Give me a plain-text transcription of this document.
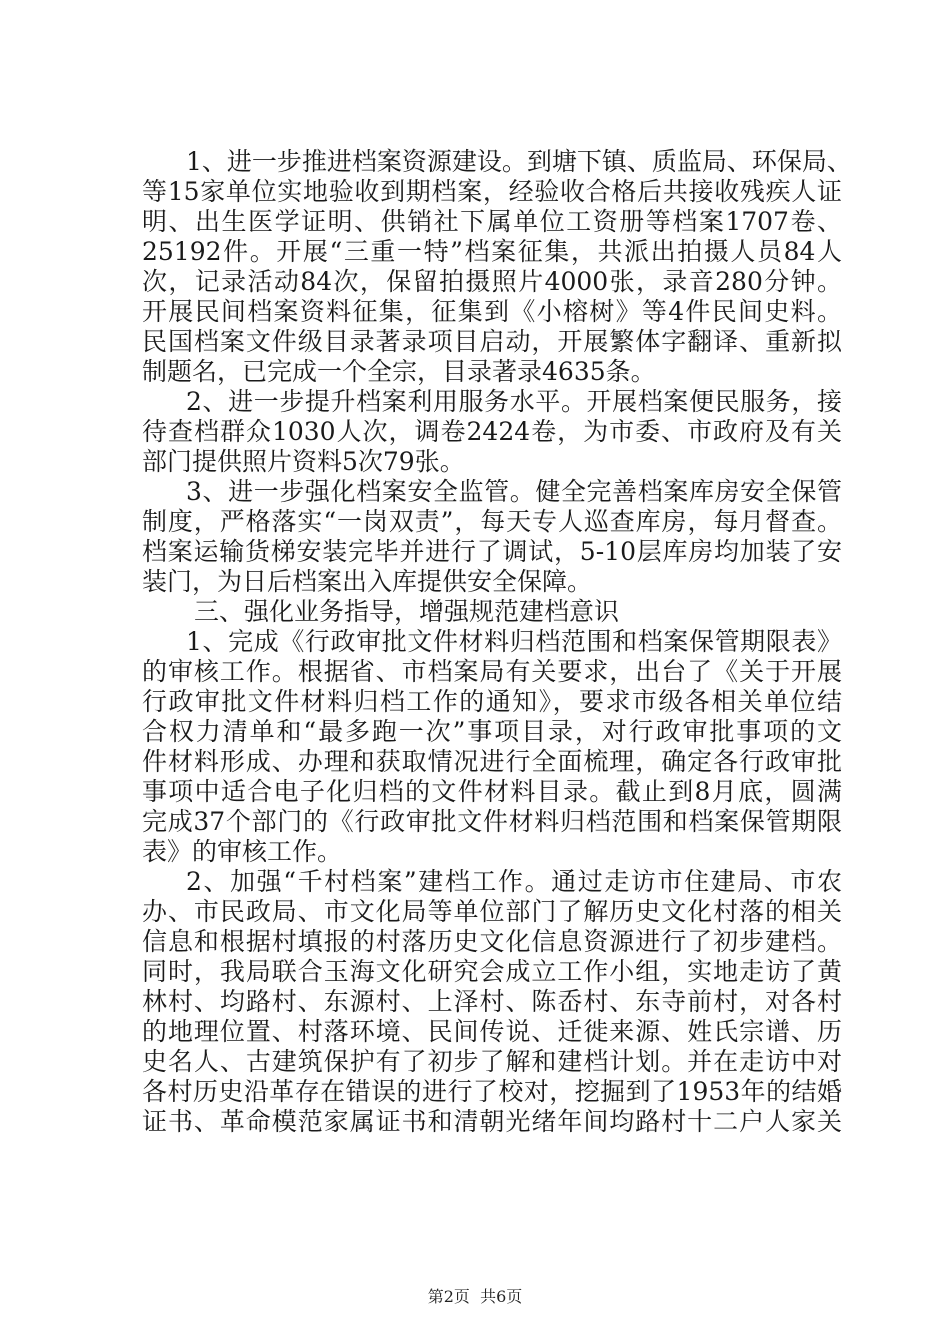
1、进一步推进档案资源建设。到塘下镇、质监局、环保局、
等15家单位实地验收到期档案，经验收合格后共接收残疾人证
明、出生医学证明、供销社下属单位工资册等档案1707卷、
25192件。开展“三重一特”档案征集，共派出拍摄人员84人
次，记录活动84次，保留拍摄照片4000张，录音280分钟。
开展民间档案资料征集，征集到《小榕树》等4件民间史料。
民国档案文件级目录著录项目启动，开展繁体字翻译、重新拟
制题名，已完成一个全宗，目录著录4635条。
2、进一步提升档案利用服务水平。开展档案便民服务，接
待查档群众1030人次，调卷2424卷，为市委、市政府及有关
部门提供照片资料5次79张。
3、进一步强化档案安全监管。健全完善档案库房安全保管
制度，严格落实“一岗双责”，每天专人巡查库房，每月督查。
档案运输货梯安装完毕并进行了调试，5-10层库房均加装了安
装门，为日后档案出入库提供安全保障。
三、强化业务指导，增强规范建档意识
1、完成《行政审批文件材料归档范围和档案保管期限表》
的审核工作。根据省、市档案局有关要求，出台了《关于开展
行政审批文件材料归档工作的通知》，要求市级各相关单位结
合权力清单和“最多跑一次”事项目录，对行政审批事项的文
件材料形成、办理和获取情况进行全面梳理，确定各行政审批
事项中适合电子化归档的文件材料目录。截止到8月底，圆满
完成37个部门的《行政审批文件材料归档范围和档案保管期限
表》的审核工作。
2、加强“千村档案”建档工作。通过走访市住建局、市农
办、市民政局、市文化局等单位部门了解历史文化村落的相关
信息和根据村填报的村落历史文化信息资源进行了初步建档。
同时，我局联合玉海文化研究会成立工作小组，实地走访了黄
林村、均路村、东源村、上泽村、陈岙村、东寺前村，对各村
的地理位置、村落环境、民间传说、迁徙来源、姓氏宗谱、历
史名人、古建筑保护有了初步了解和建档计划。并在走访中对
各村历史沿革存在错误的进行了校对，挖掘到了1953年的结婚
证书、革命模范家属证书和清朝光绪年间均路村十二户人家关
第2页  共6页
